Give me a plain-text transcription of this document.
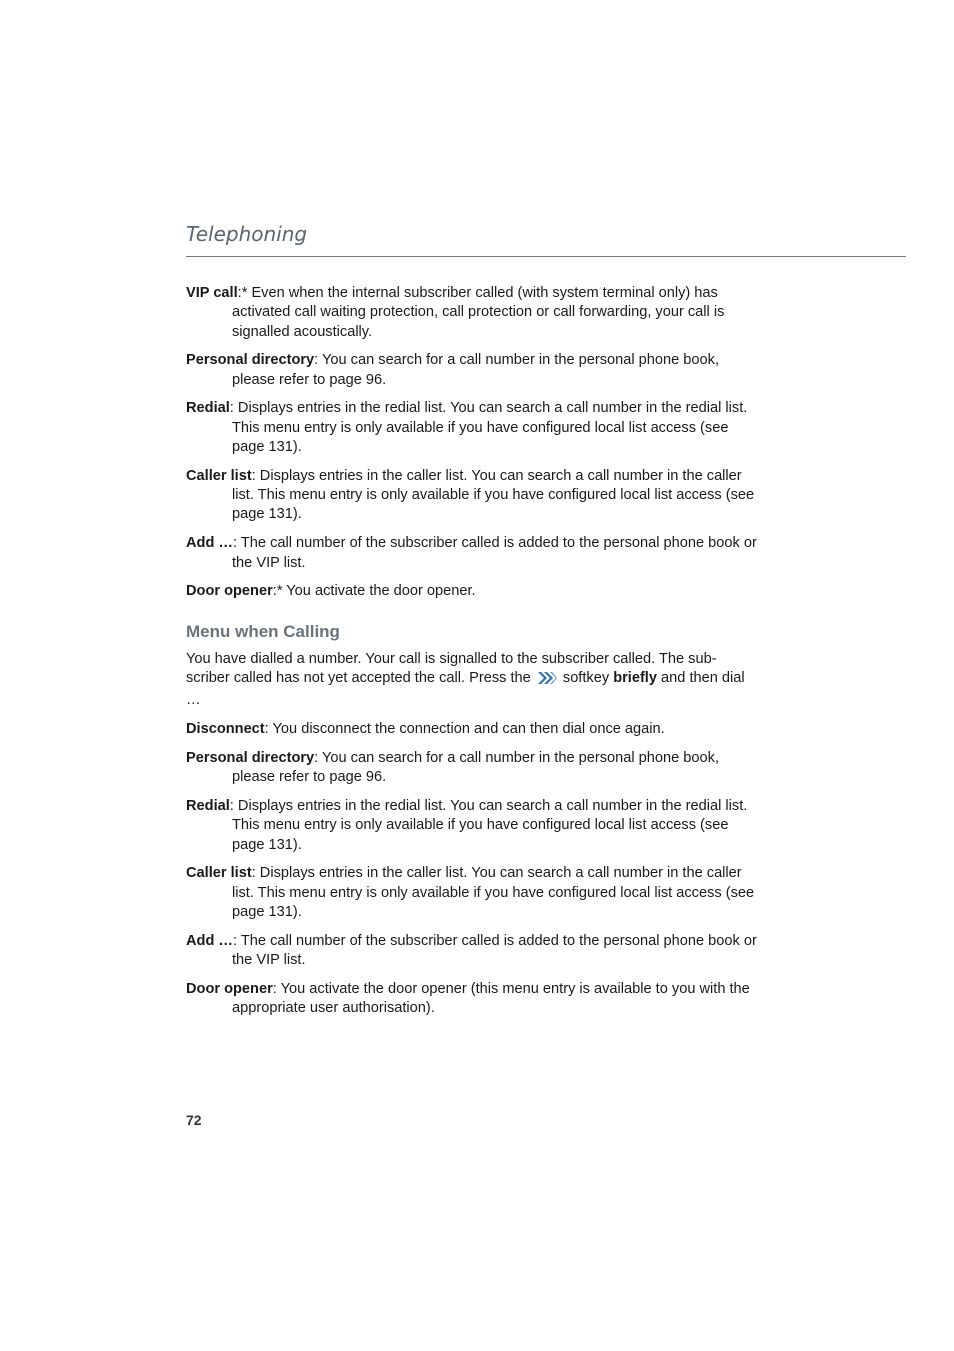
Telephoning

VIP call:* Even when the internal subscriber called (with system terminal only) has activated call waiting protection, call protection or call forwarding, your call is signalled acoustically.

Personal directory: You can search for a call number in the personal phone book, please refer to page 96.

Redial: Displays entries in the redial list. You can search a call number in the redial list. This menu entry is only available if you have configured local list access (see page 131).

Caller list: Displays entries in the caller list. You can search a call number in the caller list. This menu entry is only available if you have configured local list access (see page 131).

Add …: The call number of the subscriber called is added to the personal phone book or the VIP list.

Door opener:* You activate the door opener.

Menu when Calling

You have dialled a number. Your call is signalled to the subscriber called. The sub-scriber called has not yet accepted the call. Press the softkey briefly and then dial …

Disconnect: You disconnect the connection and can then dial once again.

Personal directory: You can search for a call number in the personal phone book, please refer to page 96.

Redial: Displays entries in the redial list. You can search a call number in the redial list. This menu entry is only available if you have configured local list access (see page 131).

Caller list: Displays entries in the caller list. You can search a call number in the caller list. This menu entry is only available if you have configured local list access (see page 131).

Add …: The call number of the subscriber called is added to the personal phone book or the VIP list.

Door opener: You activate the door opener (this menu entry is available to you with the appropriate user authorisation).

72
